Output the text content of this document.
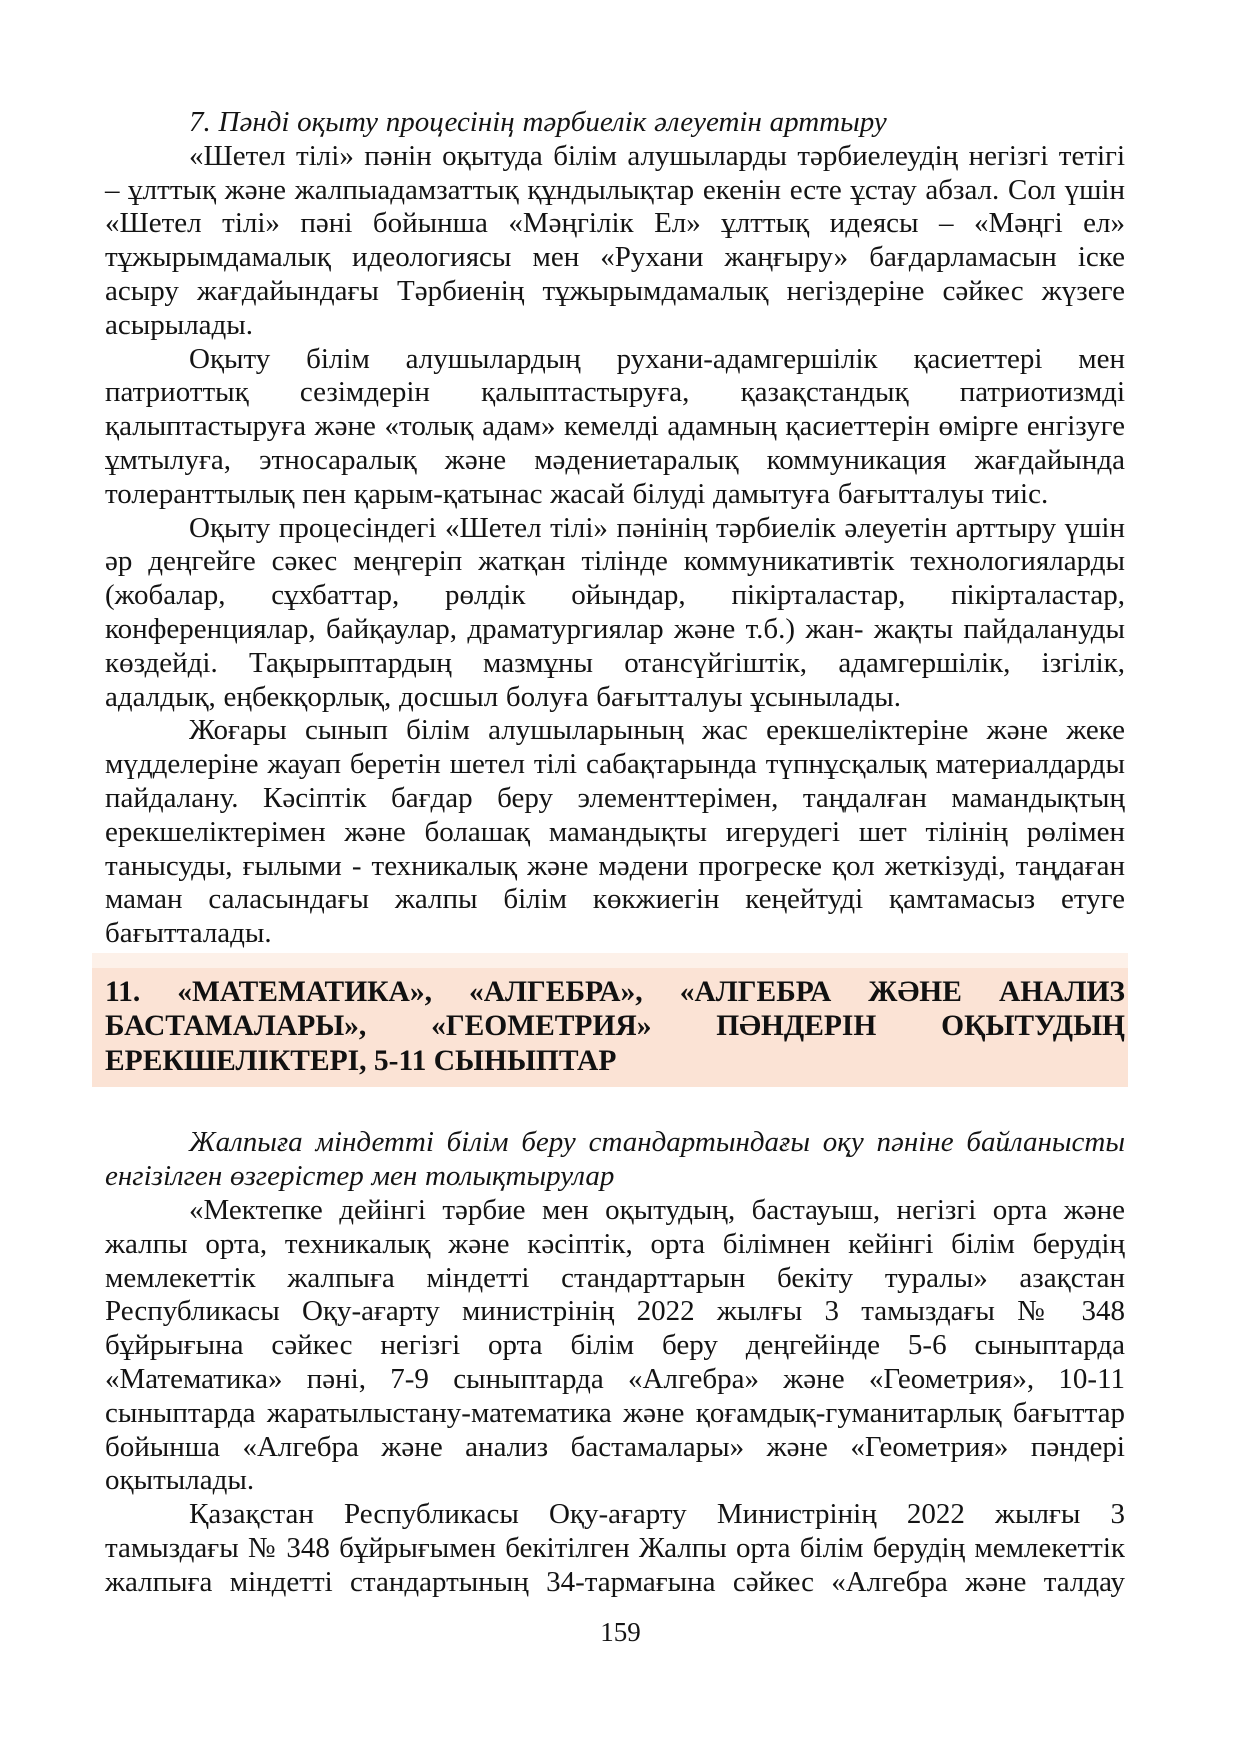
7. Пәнді оқыту процесінің тәрбиелік әлеуетін арттыру

«Шетел тілі» пәнін оқытуда білім алушыларды тәрбиелеудің негізгі тетігі – ұлттық және жалпыадамзаттық құндылықтар екенін есте ұстау абзал. Сол үшін «Шетел тілі» пәні бойынша «Мәңгілік Ел» ұлттық идеясы – «Мәңгі ел» тұжырымдамалық идеологиясы мен «Рухани жаңғыру» бағдарламасын іске асыру жағдайындағы Тәрбиенің тұжырымдамалық негіздеріне сәйкес жүзеге асырылады.

Оқыту білім алушылардың рухани-адамгершілік қасиеттері мен патриоттық сезімдерін қалыптастыруға, қазақстандық патриотизмді қалыптастыруға және «толық адам» кемелді адамның қасиеттерін өмірге енгізуге ұмтылуға, этносаралық және мәдениетаралық коммуникация жағдайында толеранттылық пен қарым-қатынас жасай білуді дамытуға бағытталуы тиіс.

Оқыту процесіндегі «Шетел тілі» пәнінің тәрбиелік әлеуетін арттыру үшін әр деңгейге сәкес меңгеріп жатқан тілінде коммуникативтік технологияларды (жобалар, сұхбаттар, рөлдік ойындар, пікірталастар, пікірталастар, конференциялар, байқаулар, драматургиялар және т.б.) жан- жақты пайдалануды көздейді. Тақырыптардың мазмұны отансүйгіштік, адамгершілік, ізгілік, адалдық, еңбекқорлық, досшыл болуға бағытталуы ұсынылады.

Жоғары сынып білім алушыларының жас ерекшеліктеріне және жеке мүдделеріне жауап беретін шетел тілі сабақтарында түпнұсқалық материалдарды пайдалану. Кәсіптік бағдар беру элементтерімен, таңдалған мамандықтың ерекшеліктерімен және болашақ мамандықты игерудегі шет тілінің рөлімен танысуды, ғылыми - техникалық және мәдени прогреске қол жеткізуді, таңдаған маман саласындағы жалпы білім көкжиегін кеңейтуді қамтамасыз етуге бағытталады.

11. «МАТЕМАТИКА», «АЛГЕБРА», «АЛГЕБРА ЖӘНЕ АНАЛИЗ БАСТАМАЛАРЫ», «ГЕОМЕТРИЯ» ПӘНДЕРІН ОҚЫТУДЫҢ ЕРЕКШЕЛІКТЕРІ, 5-11 СЫНЫПТАР

Жалпыға міндетті білім беру стандартындағы оқу пәніне байланысты енгізілген өзгерістер мен толықтырулар

«Мектепке дейінгі тәрбие мен оқытудың, бастауыш, негізгі орта және жалпы орта, техникалық және кәсіптік, орта білімнен кейінгі білім берудің мемлекеттік жалпыға міндетті стандарттарын бекіту туралы» азақстан Республикасы Оқу-ағарту министрінің 2022 жылғы 3 тамыздағы № 348 бұйрығына сәйкес негізгі орта білім беру деңгейінде 5-6 сыныптарда «Математика» пәні, 7-9 сыныптарда «Алгебра» және «Геометрия», 10-11 сыныптарда жаратылыстану-математика және қоғамдық-гуманитарлық бағыттар бойынша «Алгебра және анализ бастамалары» және «Геометрия» пәндері оқытылады.

Қазақстан Республикасы Оқу-ағарту Министрінің 2022 жылғы 3 тамыздағы № 348 бұйрығымен бекітілген Жалпы орта білім берудің мемлекеттік жалпыға міндетті стандартының 34-тармағына сәйкес «Алгебра және талдау

159
